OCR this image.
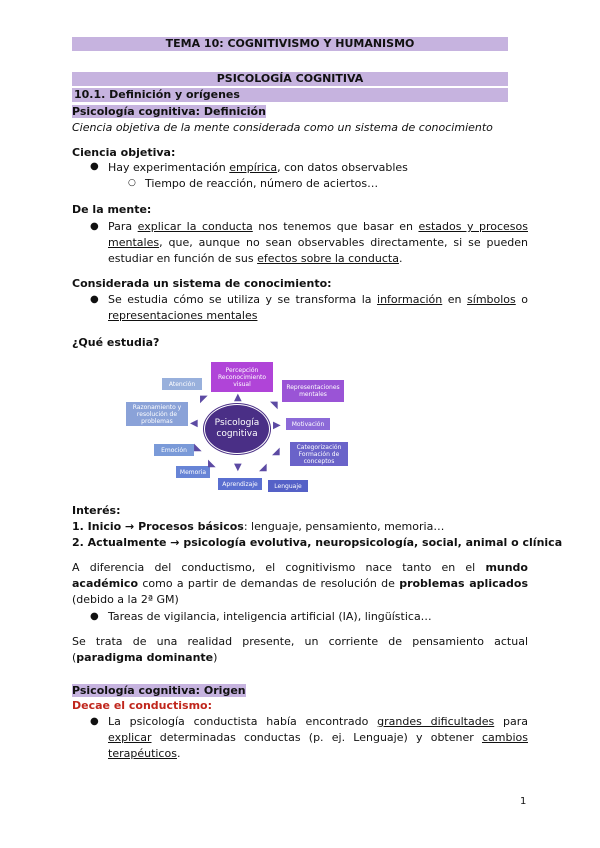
TEMA 10: COGNITIVISMO Y HUMANISMO
PSICOLOGÍA COGNITIVA
10.1. Definición y orígenes
Psicología cognitiva: Definición
Ciencia objetiva de la mente considerada como un sistema de conocimiento
Ciencia objetiva:
● Hay experimentación empírica, con datos observables
○ Tiempo de reacción, número de aciertos…
De la mente:
● Para explicar la conducta nos tenemos que basar en estados y procesos mentales, que, aunque no sean observables directamente, si se pueden estudiar en función de sus efectos sobre la conducta.
Considerada un sistema de conocimiento:
● Se estudia cómo se utiliza y se transforma la información en símbolos o representaciones mentales
¿Qué estudia?
Psicología cognitiva
Percepción Reconocimiento visual	Representaciones mentales
Motivación
Categorización Formación de conceptos
Lenguaje
Aprendizaje
Memoria
Emoción
Razonamiento y resolución de problemas
Atención
▲
◥
▶
◢
◢
▼
◣
◣
◀
◤
Interés:
1. Inicio → Procesos básicos: lenguaje, pensamiento, memoria…
2. Actualmente → psicología evolutiva, neuropsicología, social, animal o clínica
A diferencia del conductismo, el cognitivismo nace tanto en el mundo académico como a partir de demandas de resolución de problemas aplicados (debido a la 2ª GM)
● Tareas de vigilancia, inteligencia artificial (IA), lingüística…
Se trata de una realidad presente, un corriente de pensamiento actual (paradigma dominante)
Psicología cognitiva: Origen
Decae el conductismo:
● La psicología conductista había encontrado grandes dificultades para explicar determinadas conductas (p. ej. Lenguaje) y obtener cambios terapéuticos.
1
